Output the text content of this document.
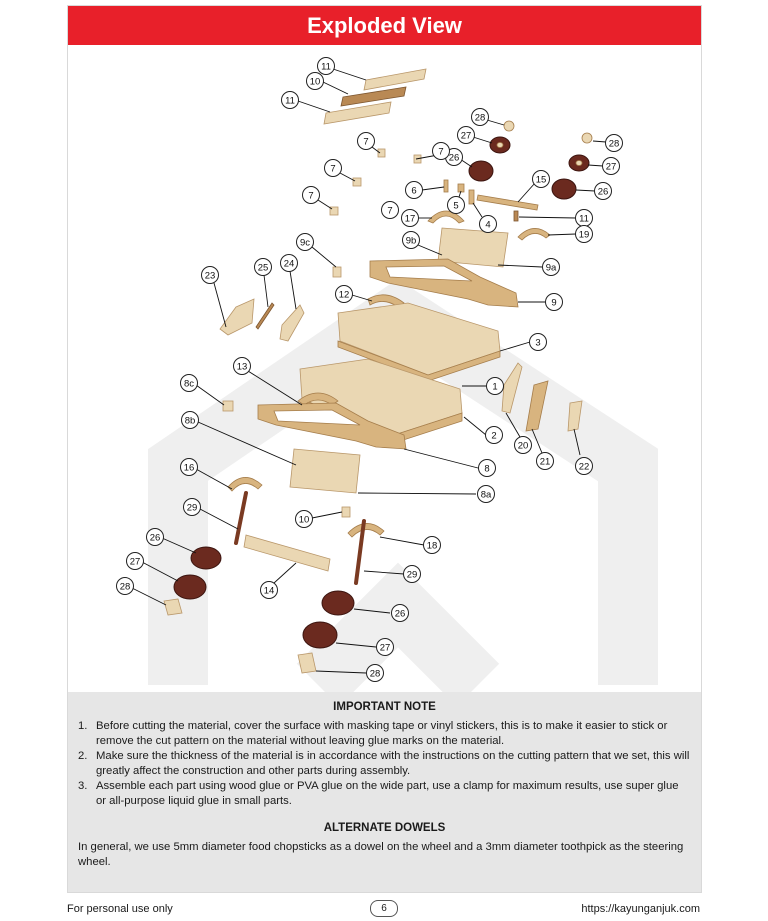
Exploded View
11
10
11
28
27
26
28
27
26
7
7
7
7
7
6
5
4
15
17	11
19
9c	9b
9a
23
25 24
12
9
3
13
1
8c
8b
2
20
21	22
8
16
8a
29
10
18
26
29
27
14
28
26
27
28
IMPORTANT NOTE
1. Before cutting the material, cover the surface with masking tape or vinyl stickers, this is to make it easier to stick or remove the cut pattern on the material without leaving glue marks on the material.
2. Make sure the thickness of the material is in accordance with the instructions on the cutting pattern that we set, this will greatly affect the construction and other parts during assembly.
3. Assemble each part using wood glue or PVA glue on the wide part, use a clamp for maximum results, use super glue or all-purpose liquid glue in small parts.
ALTERNATE DOWELS

In general, we use 5mm diameter food chopsticks as a dowel on the wheel and a 3mm diameter toothpick as the steering wheel.

For personal use only	6	https://kayunganjuk.com
